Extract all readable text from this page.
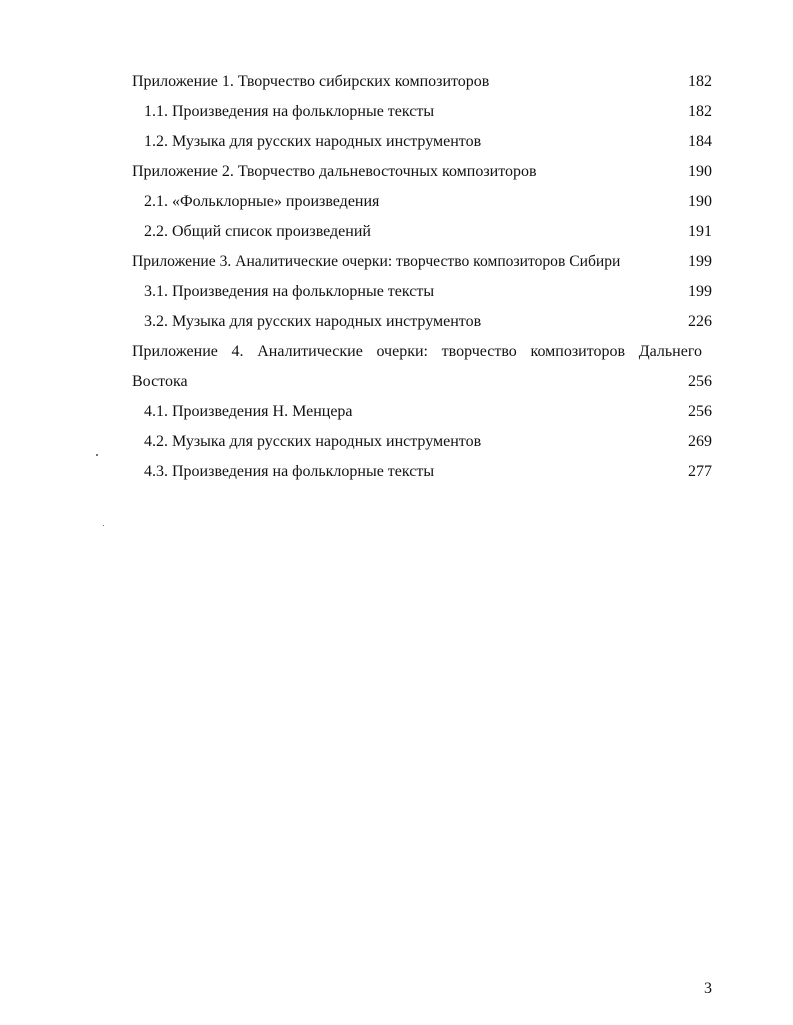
Приложение 1. Творчество сибирских композиторов	182
1.1. Произведения на фольклорные тексты	182
1.2. Музыка для русских народных инструментов	184
Приложение 2. Творчество дальневосточных композиторов	190
2.1. «Фольклорные» произведения	190
2.2. Общий список произведений	191
Приложение 3. Аналитические очерки: творчество композиторов Сибири	199
3.1. Произведения на фольклорные тексты	199
3.2. Музыка для русских народных инструментов	226
Приложение 4. Аналитические очерки: творчество композиторов Дальнего
Востока	256
4.1. Произведения Н. Менцера	256
4.2. Музыка для русских народных инструментов	269
4.3. Произведения на фольклорные тексты	277
3
